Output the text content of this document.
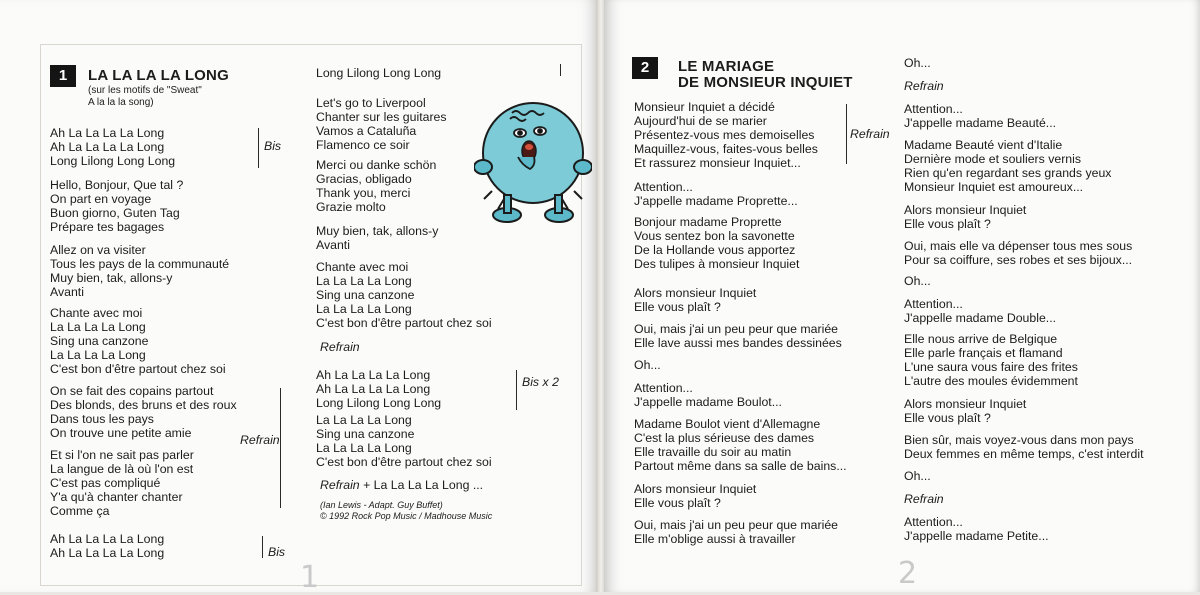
1	LA LA LA LA LONG
(sur les motifs de "Sweat"
A la la la song)
Ah La La La La Long
Ah La La La La Long
Long Lilong Long Long
Hello, Bonjour, Que tal ?
On part en voyage
Buon giorno, Guten Tag
Prépare tes bagages
Allez on va visiter
Tous les pays de la communauté
Muy bien, tak, allons-y
Avanti
Chante avec moi
La La La La Long
Sing una canzone
La La La La Long
C'est bon d'être partout chez soi
On se fait des copains partout
Des blonds, des bruns et des roux
Dans tous les pays
On trouve une petite amie
Et si l'on ne sait pas parler
La langue de là où l'on est
C'est pas compliqué
Y'a qu'à chanter chanter
Comme ça
Ah La La La La Long
Ah La La La La Long
Bis
Refrain
Bis
Long Lilong Long Long
Let's go to Liverpool
Chanter sur les guitares
Vamos a Cataluña
Flamenco ce soir
Merci ou danke schön
Gracias, obligado
Thank you, merci
Grazie molto
Muy bien, tak, allons-y
Avanti
Chante avec moi
La La La La Long
Sing una canzone
La La La La Long
C'est bon d'être partout chez soi
Refrain
Ah La La La La Long
Ah La La La La Long
Long Lilong Long Long
Bis x 2
La La La La Long
Sing una canzone
La La La La Long
C'est bon d'être partout chez soi
Refrain + La La La La Long ...
(Ian Lewis - Adapt. Guy Buffet)
© 1992 Rock Pop Music / Madhouse Music
1
2	LE MARIAGE
DE MONSIEUR INQUIET
Monsieur Inquiet a décidé
Aujourd'hui de se marier
Présentez-vous mes demoiselles
Maquillez-vous, faites-vous belles
Et rassurez monsieur Inquiet...
Refrain
Attention...
J'appelle madame Proprette...
Bonjour madame Proprette
Vous sentez bon la savonette
De la Hollande vous apportez
Des tulipes à monsieur Inquiet
Alors monsieur Inquiet
Elle vous plaît ?
Oui, mais j'ai un peu peur que mariée
Elle lave aussi mes bandes dessinées
Oh...
Attention...
J'appelle madame Boulot...
Madame Boulot vient d'Allemagne
C'est la plus sérieuse des dames
Elle travaille du soir au matin
Partout même dans sa salle de bains...
Alors monsieur Inquiet
Elle vous plaît ?
Oui, mais j'ai un peu peur que mariée
Elle m'oblige aussi à travailler
Oh...
Refrain
Attention...
J'appelle madame Beauté...
Madame Beauté vient d'Italie
Dernière mode et souliers vernis
Rien qu'en regardant ses grands yeux
Monsieur Inquiet est amoureux...
Alors monsieur Inquiet
Elle vous plaît ?
Oui, mais elle va dépenser tous mes sous
Pour sa coiffure, ses robes et ses bijoux...
Oh...
Attention...
J'appelle madame Double...
Elle nous arrive de Belgique
Elle parle français et flamand
L'une saura vous faire des frites
L'autre des moules évidemment
Alors monsieur Inquiet
Elle vous plaît ?
Bien sûr, mais voyez-vous dans mon pays
Deux femmes en même temps, c'est interdit
Oh...
Refrain
Attention...
J'appelle madame Petite...
2
